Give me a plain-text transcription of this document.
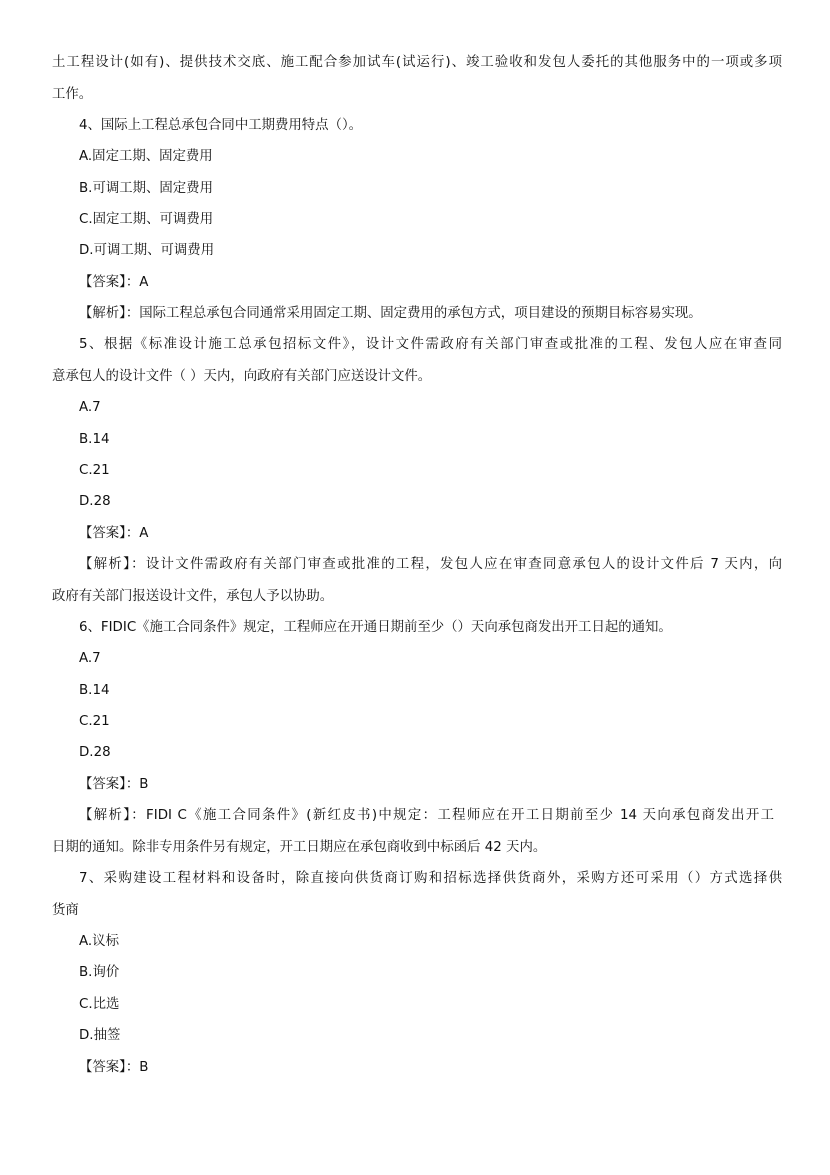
土工程设计(如有)、提供技术交底、施工配合参加试车(试运行)、竣工验收和发包人委托的其他服务中的一项或多项
工作。
4、国际上工程总承包合同中工期费用特点（）。
A.固定工期、固定费用
B.可调工期、固定费用
C.固定工期、可调费用
D.可调工期、可调费用
【答案】：A
【解析】：国际工程总承包合同通常采用固定工期、固定费用的承包方式，项目建设的预期目标容易实现。
5、根据《标准设计施工总承包招标文件》，设计文件需政府有关部门审查或批准的工程、发包人应在审查同
意承包人的设计文件（ ）天内，向政府有关部门应送设计文件。
A.7
B.14
C.21
D.28
【答案】：A
【解析】：设计文件需政府有关部门审查或批准的工程，发包人应在审查同意承包人的设计文件后 7 天内，向
政府有关部门报送设计文件，承包人予以协助。
6、FIDIC《施工合同条件》规定，工程师应在开通日期前至少（）天向承包商发出开工日起的通知。
A.7
B.14
C.21
D.28
【答案】：B
【解析】：FIDI C《施工合同条件》(新红皮书)中规定：工程师应在开工日期前至少 14 天向承包商发出开工
日期的通知。除非专用条件另有规定，开工日期应在承包商收到中标函后 42 天内。
7、采购建设工程材料和设备时，除直接向供货商订购和招标选择供货商外，采购方还可采用（）方式选择供
货商
A.议标
B.询价
C.比选
D.抽签
【答案】：B
